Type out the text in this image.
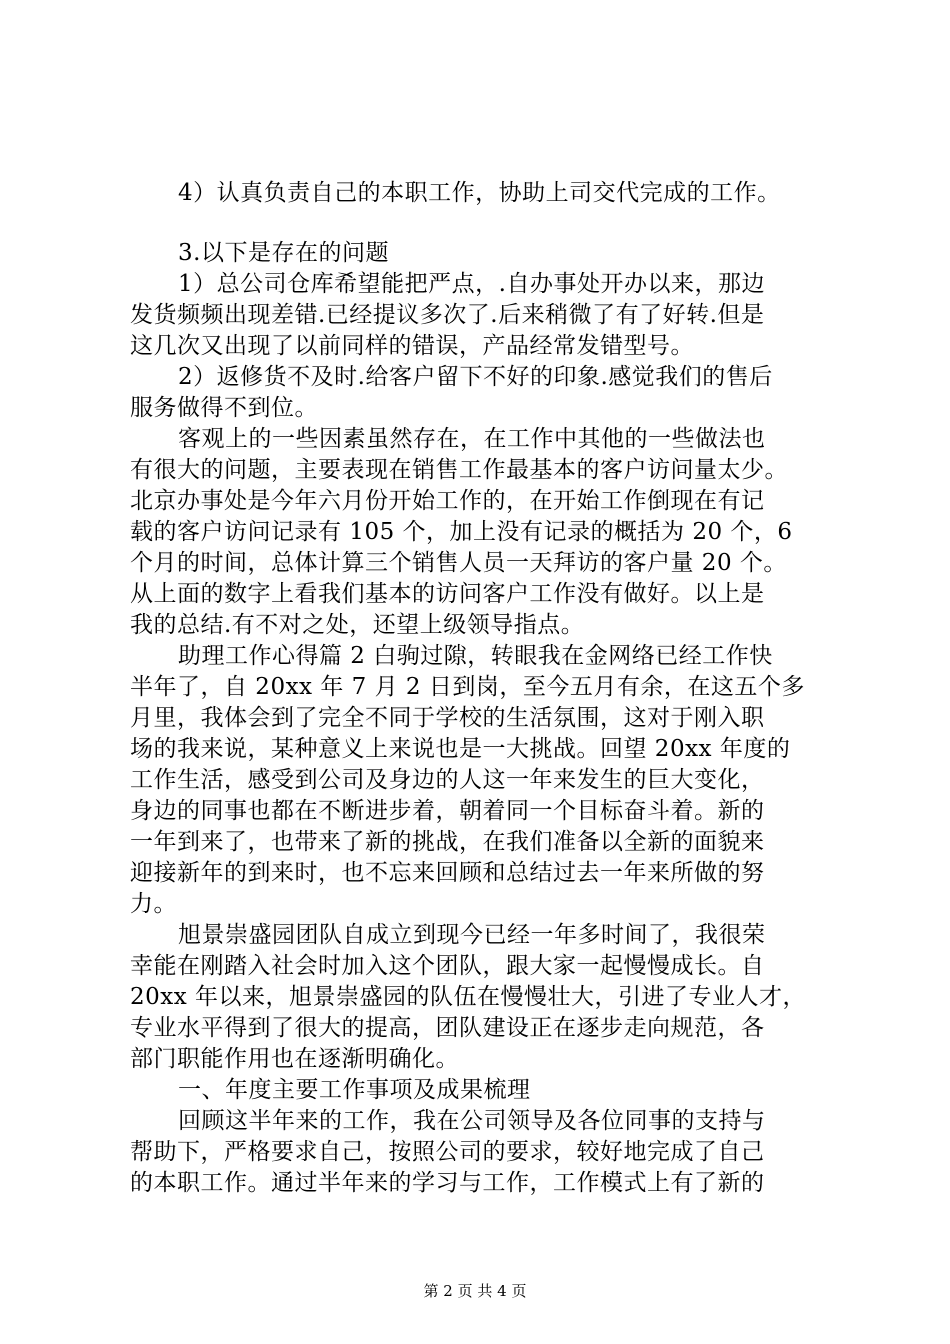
4）认真负责自己的本职工作，协助上司交代完成的工作。

3.以下是存在的问题

1）总公司仓库希望能把严点，.自办事处开办以来，那边

发货频频出现差错.已经提议多次了.后来稍微了有了好转.但是

这几次又出现了以前同样的错误，产品经常发错型号。

2）返修货不及时.给客户留下不好的印象.感觉我们的售后

服务做得不到位。

客观上的一些因素虽然存在，在工作中其他的一些做法也

有很大的问题，主要表现在销售工作最基本的客户访问量太少。

北京办事处是今年六月份开始工作的，在开始工作倒现在有记

载的客户访问记录有 105 个，加上没有记录的概括为 20 个，6

个月的时间，总体计算三个销售人员一天拜访的客户量 20 个。

从上面的数字上看我们基本的访问客户工作没有做好。以上是

我的总结.有不对之处，还望上级领导指点。

助理工作心得篇 2 白驹过隙，转眼我在金网络已经工作快

半年了，自 20xx 年 7 月 2 日到岗，至今五月有余，在这五个多

月里，我体会到了完全不同于学校的生活氛围，这对于刚入职

场的我来说，某种意义上来说也是一大挑战。回望 20xx 年度的

工作生活，感受到公司及身边的人这一年来发生的巨大变化，

身边的同事也都在不断进步着，朝着同一个目标奋斗着。新的

一年到来了，也带来了新的挑战，在我们准备以全新的面貌来

迎接新年的到来时，也不忘来回顾和总结过去一年来所做的努

力。

旭景崇盛园团队自成立到现今已经一年多时间了，我很荣

幸能在刚踏入社会时加入这个团队，跟大家一起慢慢成长。自

20xx 年以来，旭景崇盛园的队伍在慢慢壮大，引进了专业人才，

专业水平得到了很大的提高，团队建设正在逐步走向规范，各

部门职能作用也在逐渐明确化。

一、年度主要工作事项及成果梳理

回顾这半年来的工作，我在公司领导及各位同事的支持与

帮助下，严格要求自己，按照公司的要求，较好地完成了自己

的本职工作。通过半年来的学习与工作，工作模式上有了新的

第 2 页 共 4 页
